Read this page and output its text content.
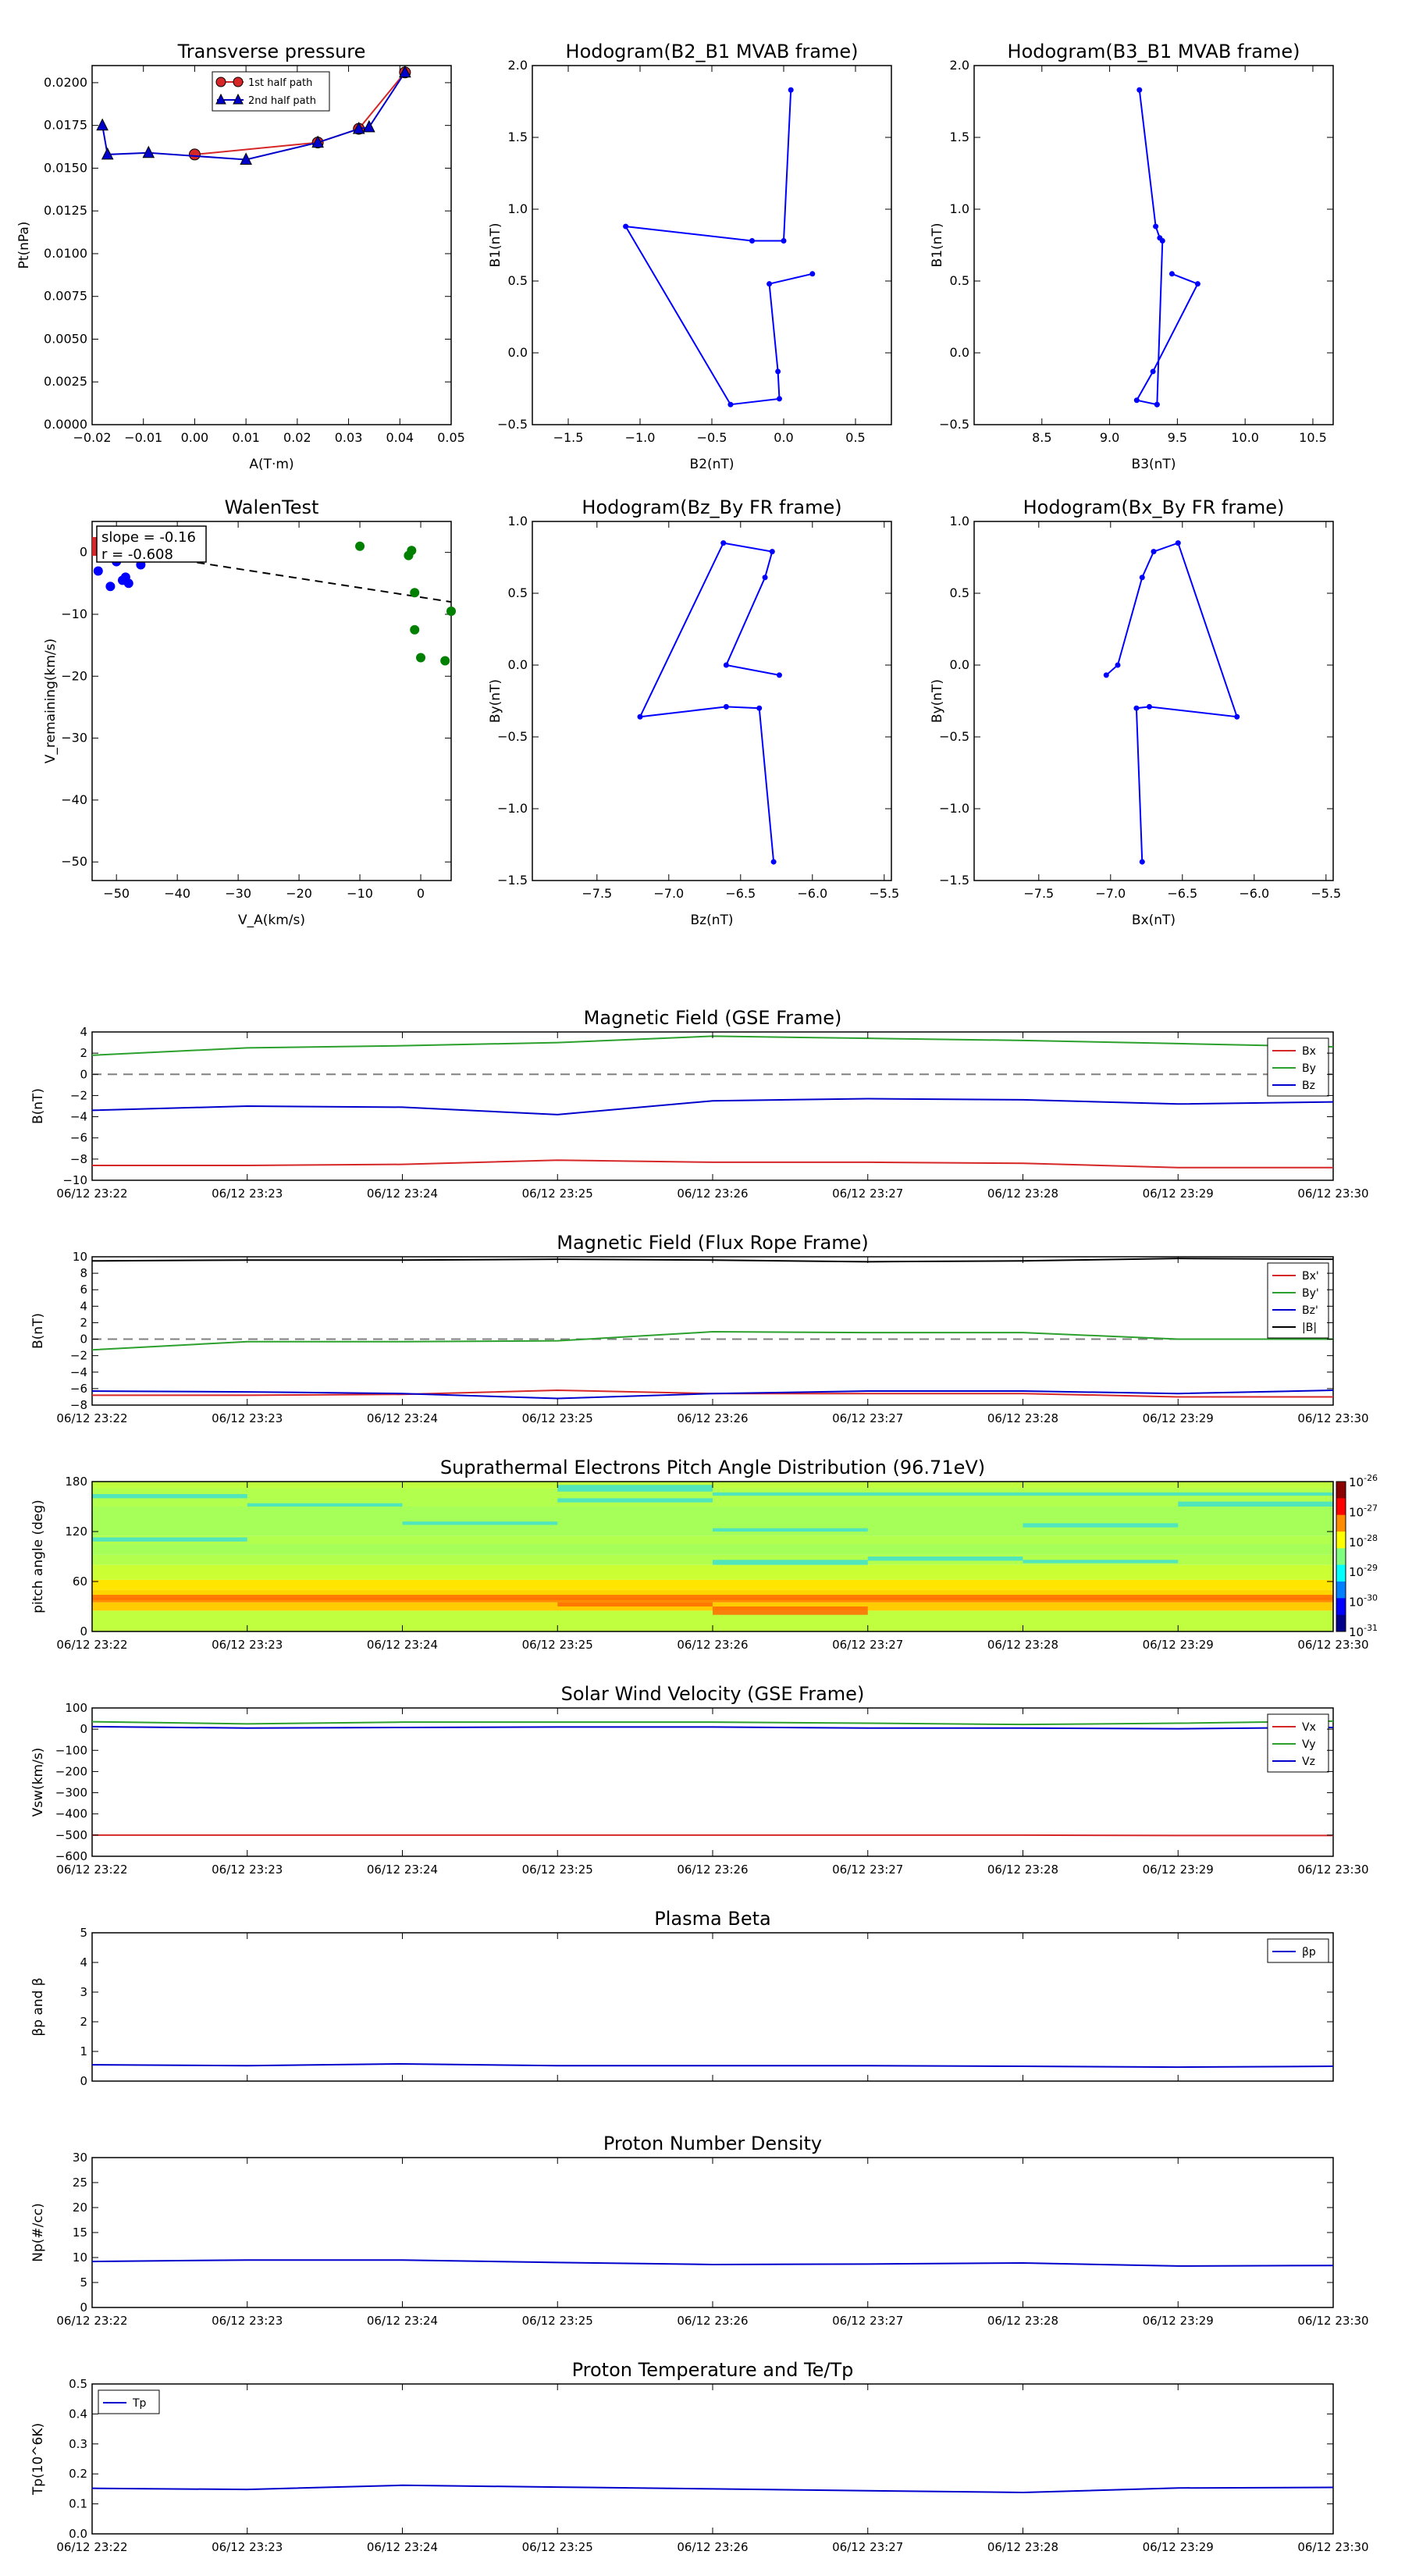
Transverse pressure
0.0000
0.0025
0.0050
0.0075
0.0100
0.0125
0.0150
0.0175
0.0200
−0.02 −0.01 0.00 0.01 0.02 0.03 0.04 0.05
A(T·m)
Pt(nPa)
1st half path
2nd half path
Hodogram(B2_B1 MVAB frame)
−0.5
0.0
0.5
1.0
1.5
2.0
−1.5	−1.0	−0.5	0.0	0.5
B2(nT)
B1(nT)
Hodogram(B3_B1 MVAB frame)
−0.5
0.0
0.5
1.0
1.5
2.0
8.5	9.0	9.5	10.0	10.5
B3(nT)
B1(nT)
WalenTest
−50
−40
−30
−20
−10
0
−50	−40	−30	−20	−10	0
V_A(km/s)
V_remaining(km/s)
slope = -0.16
r = -0.608
Hodogram(Bz_By FR frame)
−1.5
−1.0
−0.5
0.0
0.5
1.0
−7.5	−7.0	−6.5	−6.0	−5.5
Bz(nT)
By(nT)
Hodogram(Bx_By FR frame)
−1.5
−1.0
−0.5
0.0
0.5
1.0
−7.5	−7.0	−6.5	−6.0	−5.5
Bx(nT)
By(nT)
Magnetic Field (GSE Frame)
Bx
By
Bz
−10
−8
−6
−4
−2
0
2
4
06/12 23:22	06/12 23:23	06/12 23:24	06/12 23:25	06/12 23:26	06/12 23:27	06/12 23:28	06/12 23:29	06/12 23:30
B(nT)
Magnetic Field (Flux Rope Frame)
Bx'
By'
Bz'
|B|
−8
−6
−4
−2
0
2
4
6
8
10
06/12 23:22	06/12 23:23	06/12 23:24	06/12 23:25	06/12 23:26	06/12 23:27	06/12 23:28	06/12 23:29	06/12 23:30
B(nT)
Suprathermal Electrons Pitch Angle Distribution (96.71eV)
$10^{-26}$
$10^{-27}$
$10^{-28}$
$10^{-29}$
$10^{-30}$
$10^{-31}$
0
60
120
180
06/12 23:22	06/12 23:23	06/12 23:24	06/12 23:25	06/12 23:26	06/12 23:27	06/12 23:28	06/12 23:29	06/12 23:30
pitch angle (deg)
Solar Wind Velocity (GSE Frame)
Vx
Vy
Vz
−600
−500
−400
−300
−200
−100
0
100
06/12 23:22	06/12 23:23	06/12 23:24	06/12 23:25	06/12 23:26	06/12 23:27	06/12 23:28	06/12 23:29	06/12 23:30
Vsw(km/s)
Plasma Beta
βp
0
1
2
3
4
5
βp and β
Proton Number Density
0
5
10
15
20
25
30
06/12 23:22	06/12 23:23	06/12 23:24	06/12 23:25	06/12 23:26	06/12 23:27	06/12 23:28	06/12 23:29	06/12 23:30
Np(#/cc)
Proton Temperature and Te/Tp
Tp
0.0
0.1
0.2
0.3
0.4
0.5
06/12 23:22	06/12 23:23	06/12 23:24	06/12 23:25	06/12 23:26	06/12 23:27	06/12 23:28	06/12 23:29	06/12 23:30
Tp(10^6K)
